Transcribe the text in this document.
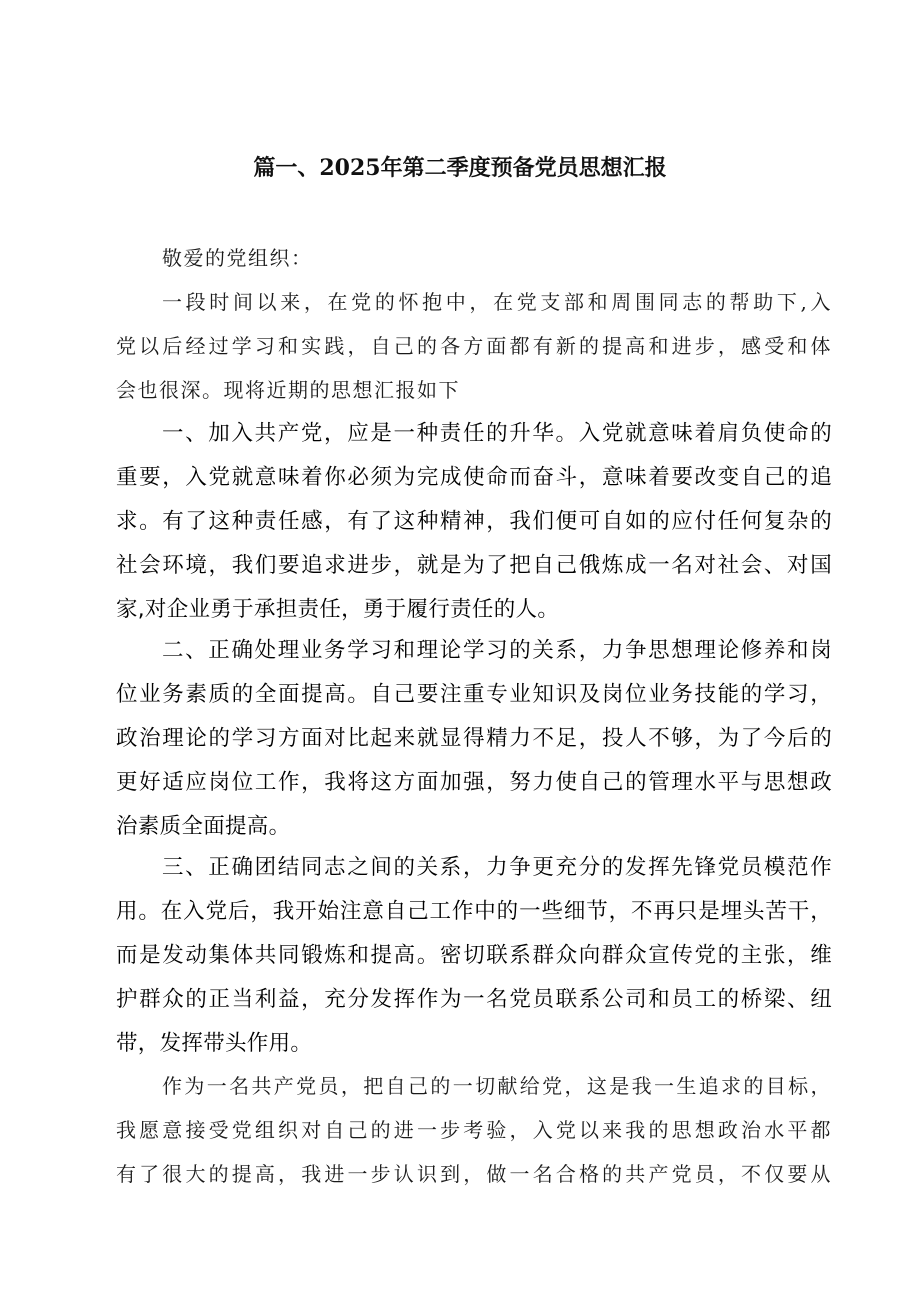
篇一、2025年第二季度预备党员思想汇报
敬爱的党组织：
一段时间以来，在党的怀抱中，在党支部和周围同志的帮助下,入
党以后经过学习和实践，自己的各方面都有新的提高和进步，感受和体
会也很深。现将近期的思想汇报如下
一、加入共产党，应是一种责任的升华。入党就意味着肩负使命的
重要，入党就意味着你必须为完成使命而奋斗，意味着要改变自己的追
求。有了这种责任感，有了这种精神，我们便可自如的应付任何复杂的
社会环境，我们要追求进步，就是为了把自己俄炼成一名对社会、对国
家,对企业勇于承担责任，勇于履行责任的人。
二、正确处理业务学习和理论学习的关系，力争思想理论修养和岗
位业务素质的全面提高。自己要注重专业知识及岗位业务技能的学习，
政治理论的学习方面对比起来就显得精力不足，投人不够，为了今后的
更好适应岗位工作，我将这方面加强，努力使自己的管理水平与思想政
治素质全面提高。
三、正确团结同志之间的关系，力争更充分的发挥先锋党员模范作
用。在入党后，我开始注意自己工作中的一些细节，不再只是埋头苦干，
而是发动集体共同锻炼和提高。密切联系群众向群众宣传党的主张，维
护群众的正当利益，充分发挥作为一名党员联系公司和员工的桥梁、纽
带，发挥带头作用。
作为一名共产党员，把自己的一切献给党，这是我一生追求的目标，
我愿意接受党组织对自己的进一步考验，入党以来我的思想政治水平都
有了很大的提高，我进一步认识到，做一名合格的共产党员，不仅要从
